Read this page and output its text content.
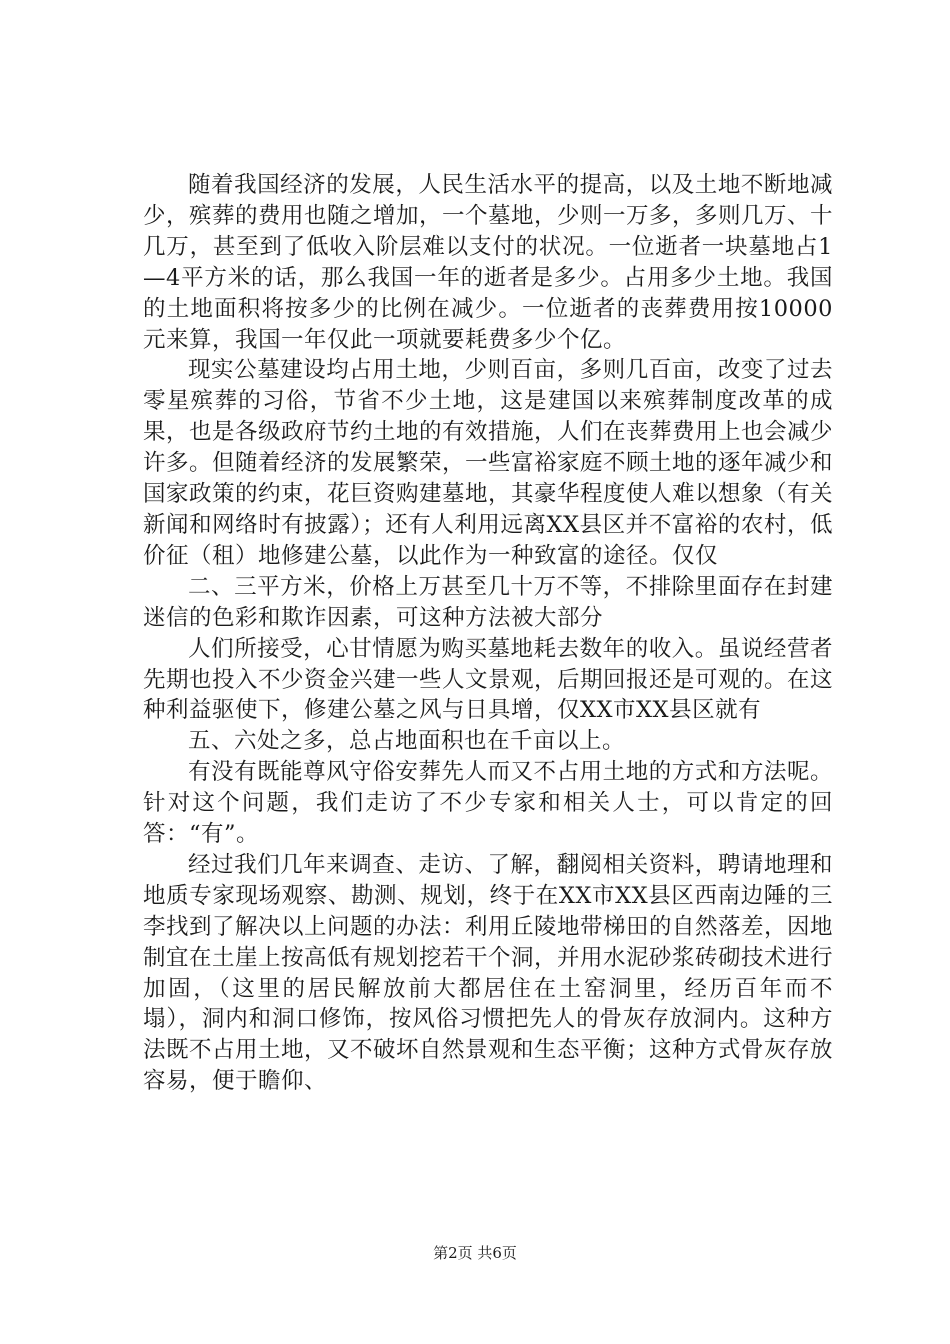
随着我国经济的发展，人民生活水平的提高，以及土地不断地减少，殡葬的费用也随之增加，一个墓地，少则一万多，多则几万、十几万，甚至到了低收入阶层难以支付的状况。一位逝者一块墓地占1—4平方米的话，那么我国一年的逝者是多少。占用多少土地。我国的土地面积将按多少的比例在减少。一位逝者的丧葬费用按10000元来算，我国一年仅此一项就要耗费多少个亿。

现实公墓建设均占用土地，少则百亩，多则几百亩，改变了过去零星殡葬的习俗，节省不少土地，这是建国以来殡葬制度改革的成果，也是各级政府节约土地的有效措施，人们在丧葬费用上也会减少许多。但随着经济的发展繁荣，一些富裕家庭不顾土地的逐年减少和国家政策的约束，花巨资购建墓地，其豪华程度使人难以想象（有关新闻和网络时有披露）；还有人利用远离XX县区并不富裕的农村，低价征（租）地修建公墓，以此作为一种致富的途径。仅仅

二、三平方米，价格上万甚至几十万不等，不排除里面存在封建迷信的色彩和欺诈因素，可这种方法被大部分

人们所接受，心甘情愿为购买墓地耗去数年的收入。虽说经营者先期也投入不少资金兴建一些人文景观，后期回报还是可观的。在这种利益驱使下，修建公墓之风与日具增，仅XX市XX县区就有

五、六处之多，总占地面积也在千亩以上。

有没有既能尊风守俗安葬先人而又不占用土地的方式和方法呢。针对这个问题，我们走访了不少专家和相关人士，可以肯定的回答：“有”。

经过我们几年来调查、走访、了解，翻阅相关资料，聘请地理和地质专家现场观察、勘测、规划，终于在XX市XX县区西南边陲的三李找到了解决以上问题的办法：利用丘陵地带梯田的自然落差，因地制宜在土崖上按高低有规划挖若干个洞，并用水泥砂浆砖砌技术进行加固，（这里的居民解放前大都居住在土窑洞里，经历百年而不塌），洞内和洞口修饰，按风俗习惯把先人的骨灰存放洞内。这种方法既不占用土地，又不破坏自然景观和生态平衡；这种方式骨灰存放容易，便于瞻仰、

第2页 共6页
